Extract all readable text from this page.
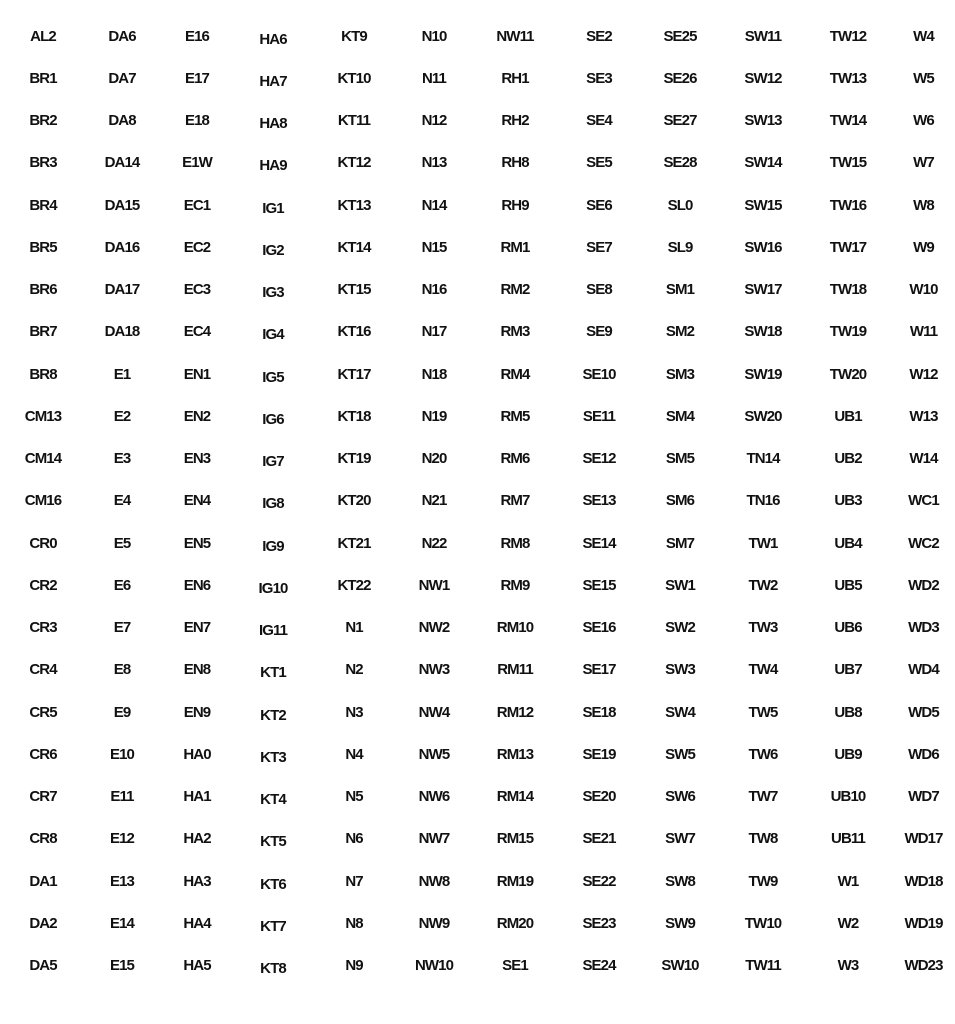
AL2
BR1
BR2
BR3
BR4
BR5
BR6
BR7
BR8
CM13
CM14
CM16
CR0
CR2
CR3
CR4
CR5
CR6
CR7
CR8
DA1
DA2
DA5
DA6
DA7
DA8
DA14
DA15
DA16
DA17
DA18
E1
E2
E3
E4
E5
E6
E7
E8
E9
E10
E11
E12
E13
E14
E15
E16
E17
E18
E1W
EC1
EC2
EC3
EC4
EN1
EN2
EN3
EN4
EN5
EN6
EN7
EN8
EN9
HA0
HA1
HA2
HA3
HA4
HA5
HA6
HA7
HA8
HA9
IG1
IG2
IG3
IG4
IG5
IG6
IG7
IG8
IG9
IG10
IG11
KT1
KT2
KT3
KT4
KT5
KT6
KT7
KT8
KT9
KT10
KT11
KT12
KT13
KT14
KT15
KT16
KT17
KT18
KT19
KT20
KT21
KT22
N1
N2
N3
N4
N5
N6
N7
N8
N9
N10
N11
N12
N13
N14
N15
N16
N17
N18
N19
N20
N21
N22
NW1
NW2
NW3
NW4
NW5
NW6
NW7
NW8
NW9
NW10
NW11
RH1
RH2
RH8
RH9
RM1
RM2
RM3
RM4
RM5
RM6
RM7
RM8
RM9
RM10
RM11
RM12
RM13
RM14
RM15
RM19
RM20
SE1
SE2
SE3
SE4
SE5
SE6
SE7
SE8
SE9
SE10
SE11
SE12
SE13
SE14
SE15
SE16
SE17
SE18
SE19
SE20
SE21
SE22
SE23
SE24
SE25
SE26
SE27
SE28
SL0
SL9
SM1
SM2
SM3
SM4
SM5
SM6
SM7
SW1
SW2
SW3
SW4
SW5
SW6
SW7
SW8
SW9
SW10
SW11
SW12
SW13
SW14
SW15
SW16
SW17
SW18
SW19
SW20
TN14
TN16
TW1
TW2
TW3
TW4
TW5
TW6
TW7
TW8
TW9
TW10
TW11
TW12
TW13
TW14
TW15
TW16
TW17
TW18
TW19
TW20
UB1
UB2
UB3
UB4
UB5
UB6
UB7
UB8
UB9
UB10
UB11
W1
W2
W3
W4
W5
W6
W7
W8
W9
W10
W11
W12
W13
W14
WC1
WC2
WD2
WD3
WD4
WD5
WD6
WD7
WD17
WD18
WD19
WD23
